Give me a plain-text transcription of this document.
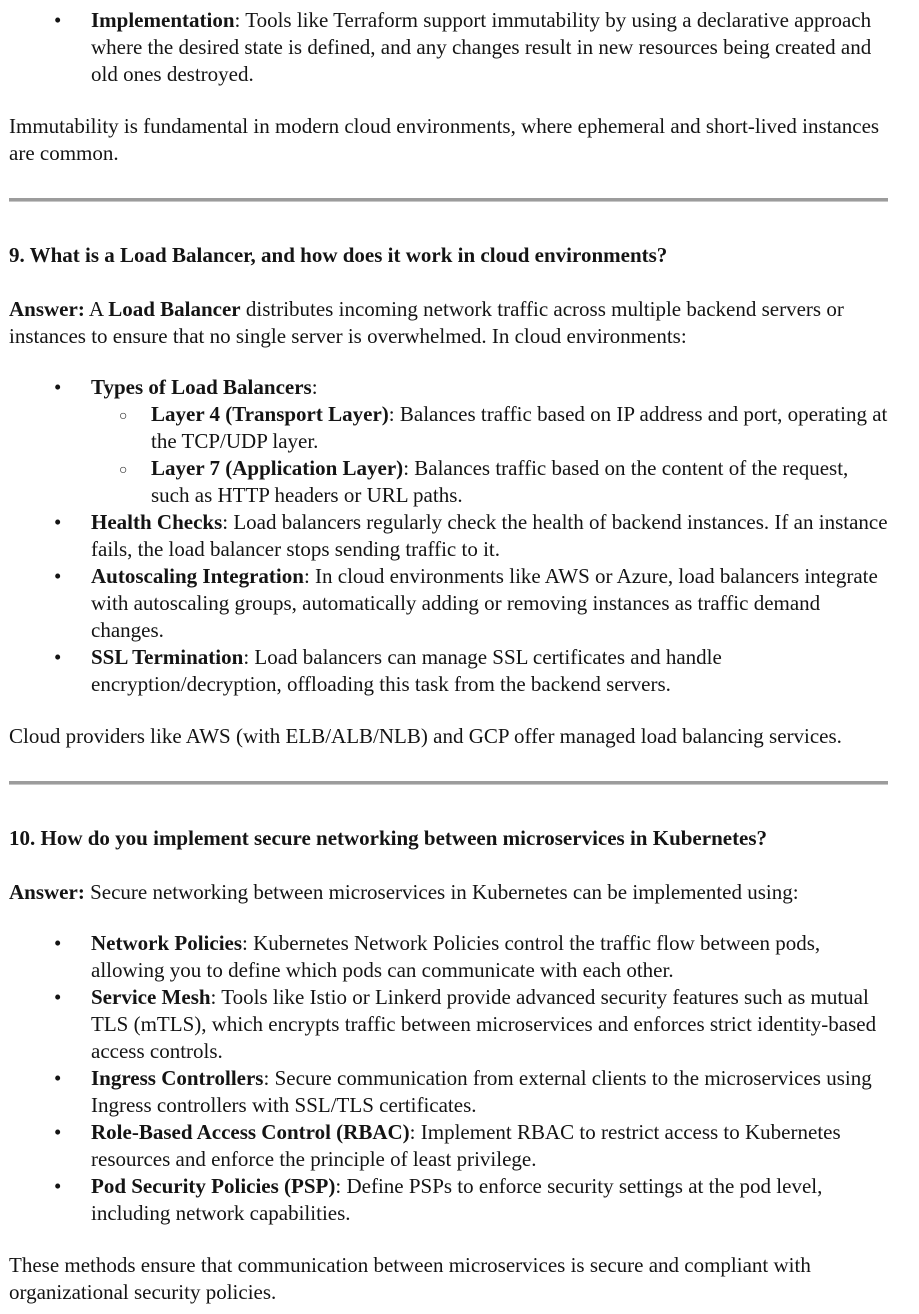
•	Implementation: Tools like Terraform support immutability by using a declarative approach where the desired state is defined, and any changes result in new resources being created and old ones destroyed.

Immutability is fundamental in modern cloud environments, where ephemeral and short-lived instances are common.

9. What is a Load Balancer, and how does it work in cloud environments?

Answer: A Load Balancer distributes incoming network traffic across multiple backend servers or instances to ensure that no single server is overwhelmed. In cloud environments:

•	Types of Load Balancers:
○	Layer 4 (Transport Layer): Balances traffic based on IP address and port, operating at the TCP/UDP layer.
○	Layer 7 (Application Layer): Balances traffic based on the content of the request, such as HTTP headers or URL paths.
•	Health Checks: Load balancers regularly check the health of backend instances. If an instance fails, the load balancer stops sending traffic to it.
•	Autoscaling Integration: In cloud environments like AWS or Azure, load balancers integrate with autoscaling groups, automatically adding or removing instances as traffic demand changes.
•	SSL Termination: Load balancers can manage SSL certificates and handle encryption/decryption, offloading this task from the backend servers.

Cloud providers like AWS (with ELB/ALB/NLB) and GCP offer managed load balancing services.

10. How do you implement secure networking between microservices in Kubernetes?

Answer: Secure networking between microservices in Kubernetes can be implemented using:

•	Network Policies: Kubernetes Network Policies control the traffic flow between pods, allowing you to define which pods can communicate with each other.
•	Service Mesh: Tools like Istio or Linkerd provide advanced security features such as mutual TLS (mTLS), which encrypts traffic between microservices and enforces strict identity-based access controls.
•	Ingress Controllers: Secure communication from external clients to the microservices using Ingress controllers with SSL/TLS certificates.
•	Role-Based Access Control (RBAC): Implement RBAC to restrict access to Kubernetes resources and enforce the principle of least privilege.
•	Pod Security Policies (PSP): Define PSPs to enforce security settings at the pod level, including network capabilities.

These methods ensure that communication between microservices is secure and compliant with organizational security policies.
